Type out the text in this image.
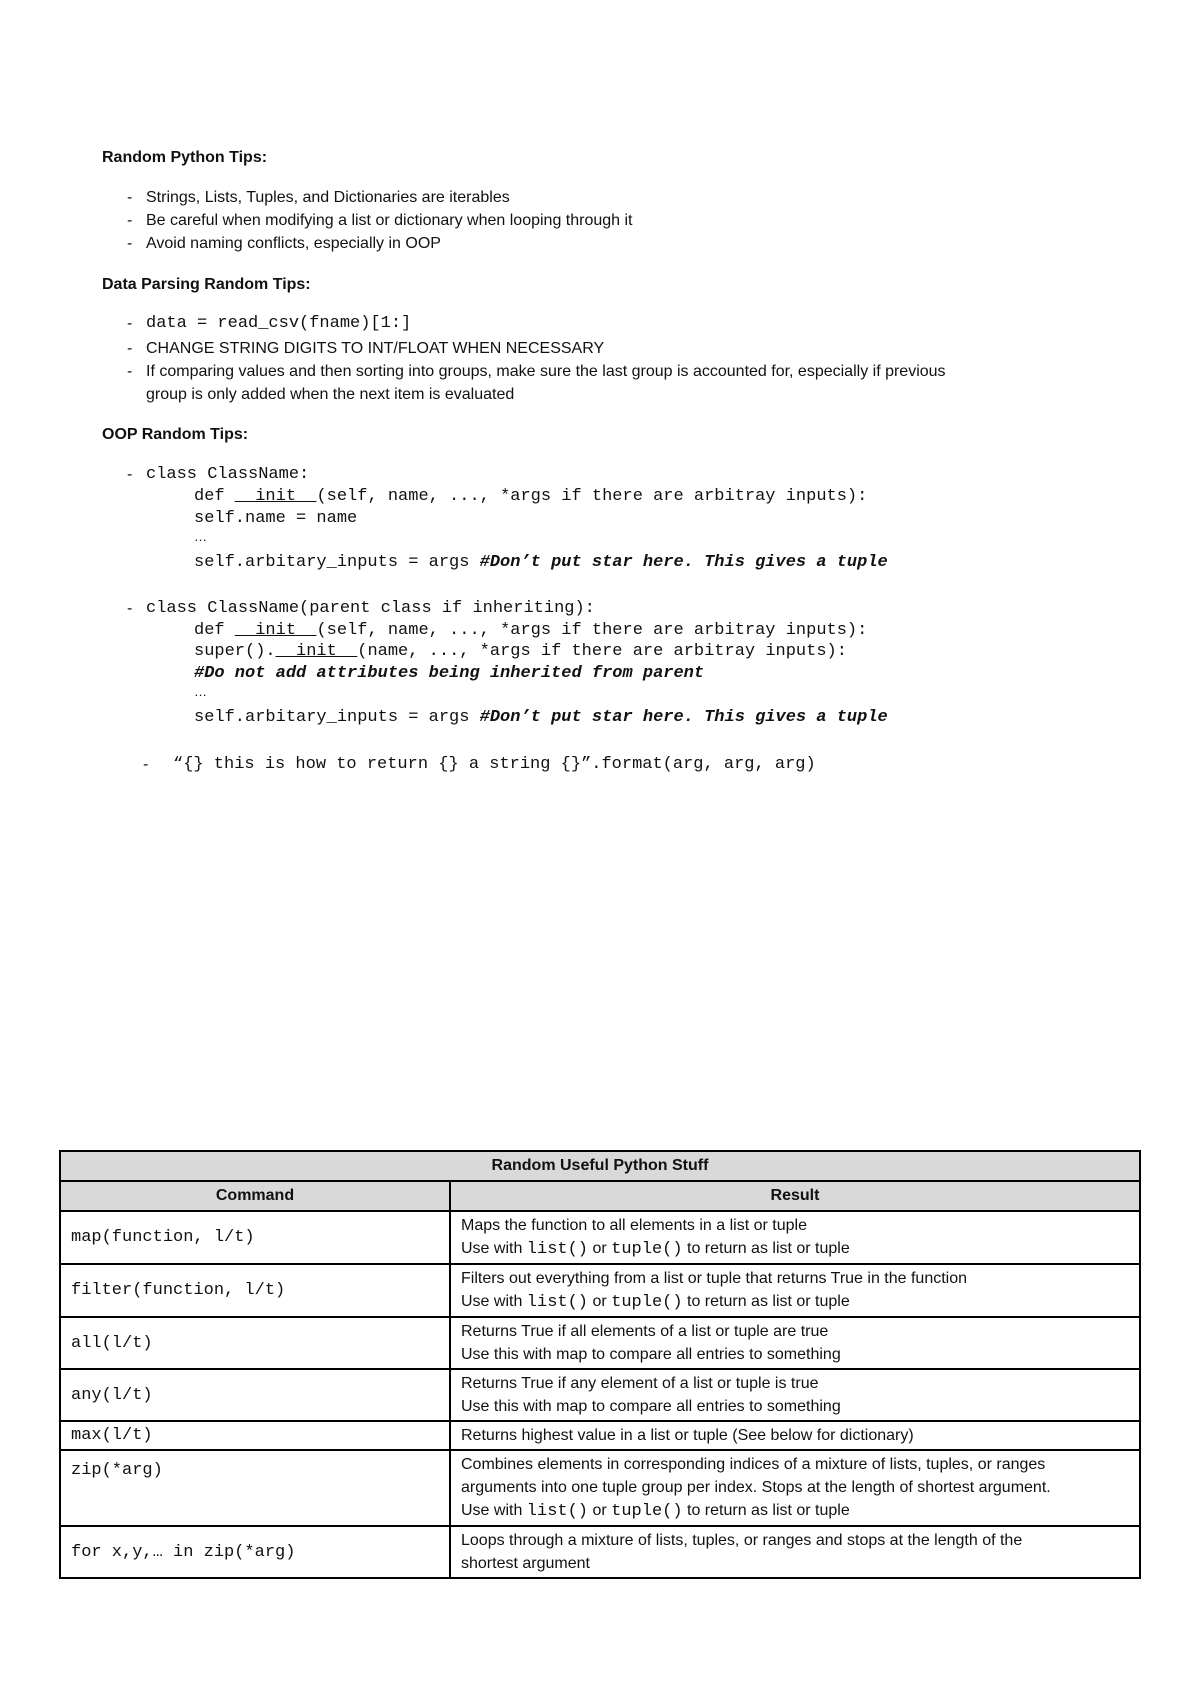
Random Python Tips:
- Strings, Lists, Tuples, and Dictionaries are iterables
- Be careful when modifying a list or dictionary when looping through it
- Avoid naming conflicts, especially in OOP
Data Parsing Random Tips:
- data = read_csv(fname)[1:]
- CHANGE STRING DIGITS TO INT/FLOAT WHEN NECESSARY
- If comparing values and then sorting into groups, make sure the last group is accounted for, especially if previous
group is only added when the next item is evaluated
OOP Random Tips:
- class ClassName:
def __init__(self, name, ..., *args if there are arbitray inputs):
self.name = name
…
self.arbitary_inputs = args #Don’t put star here. This gives a tuple
- class ClassName(parent class if inheriting):
def __init__(self, name, ..., *args if there are arbitray inputs):
super().__init__(name, ..., *args if there are arbitray inputs):
#Do not add attributes being inherited from parent
…
self.arbitary_inputs = args #Don’t put star here. This gives a tuple
- “{} this is how to return {} a string {}”.format(arg, arg, arg)
Random Useful Python Stuff	
Command	Result
map(function, l/t)	Maps the function to all elements in a list or tuple
Use with list() or tuple() to return as list or tuple

filter(function, l/t)	Filters out everything from a list or tuple that returns True in the function
Use with list() or tuple() to return as list or tuple

all(l/t)	Returns True if all elements of a list or tuple are true
Use this with map to compare all entries to something

any(l/t)	Returns True if any element of a list or tuple is true
Use this with map to compare all entries to something

max(l/t)	Returns highest value in a list or tuple (See below for dictionary)

zip(*arg)	Combines elements in corresponding indices of a mixture of lists, tuples, or ranges
arguments into one tuple group per index. Stops at the length of shortest argument.
Use with list() or tuple() to return as list or tuple

for x,y,… in zip(*arg)	Loops through a mixture of lists, tuples, or ranges and stops at the length of the
shortest argument
